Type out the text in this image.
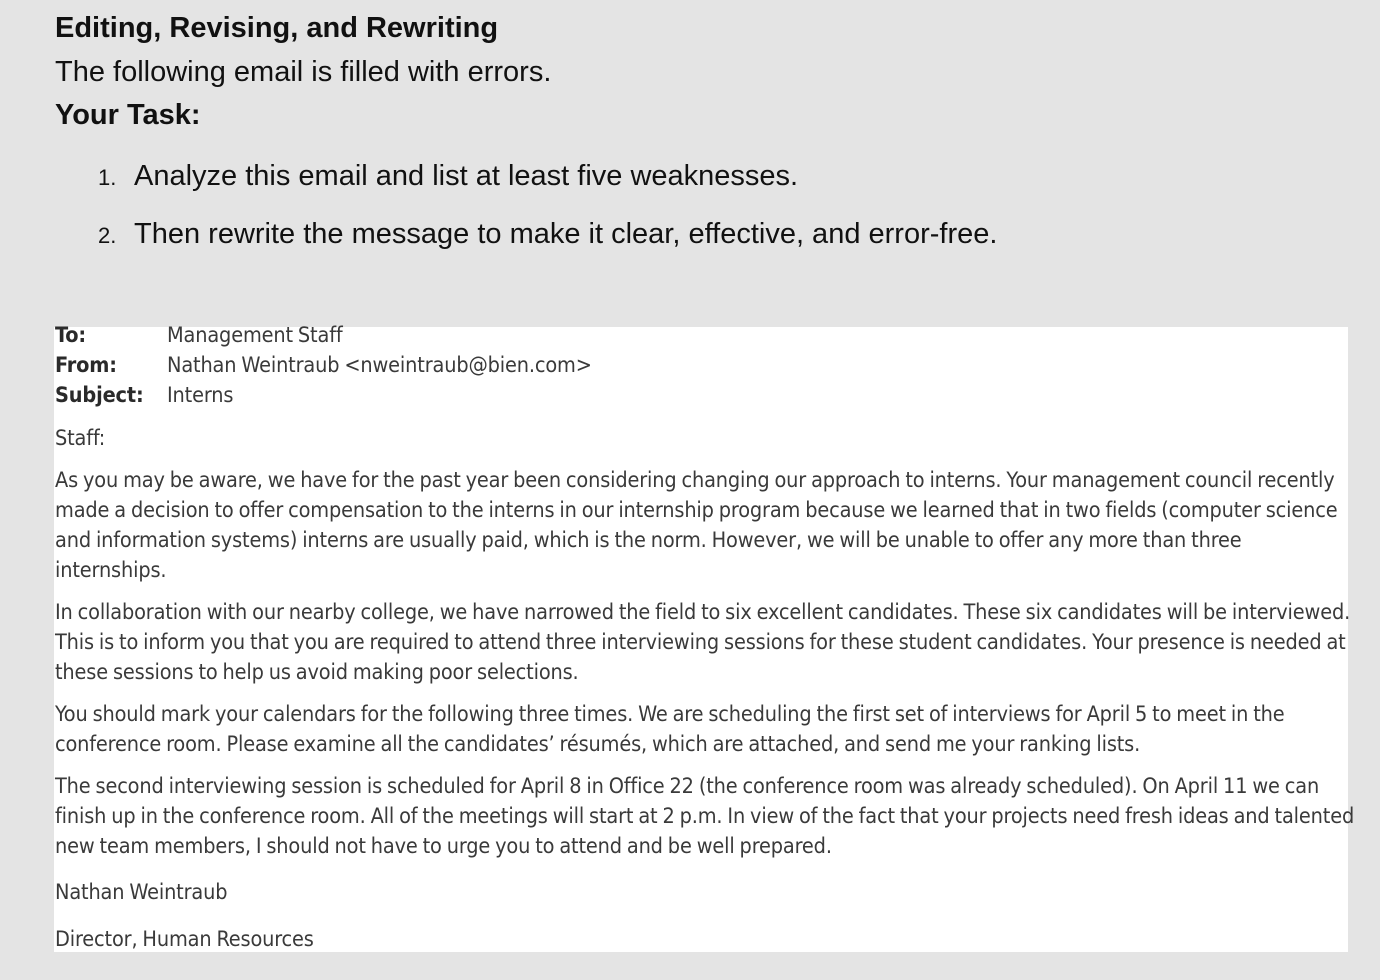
Editing, Revising, and Rewriting
The following email is filled with errors.
Your Task:
1. Analyze this email and list at least five weaknesses.
2. Then rewrite the message to make it clear, effective, and error-free.
To:	Management Staff
From:	Nathan Weintraub <nweintraub@bien.com>
Subject:	Interns
Staff:

As you may be aware, we have for the past year been considering changing our approach to interns. Your management council recently made a decision to offer compensation to the interns in our internship program because we learned that in two fields (computer science and information systems) interns are usually paid, which is the norm. However, we will be unable to offer any more than three internships.

In collaboration with our nearby college, we have narrowed the field to six excellent candidates. These six candidates will be interviewed. This is to inform you that you are required to attend three interviewing sessions for these student candidates. Your presence is needed at these sessions to help us avoid making poor selections.

You should mark your calendars for the following three times. We are scheduling the first set of interviews for April 5 to meet in the conference room. Please examine all the candidates’ résumés, which are attached, and send me your ranking lists.

The second interviewing session is scheduled for April 8 in Office 22 (the conference room was already scheduled). On April 11 we can finish up in the conference room. All of the meetings will start at 2 p.m. In view of the fact that your projects need fresh ideas and talented new team members, I should not have to urge you to attend and be well prepared.

Nathan Weintraub
Director, Human Resources
